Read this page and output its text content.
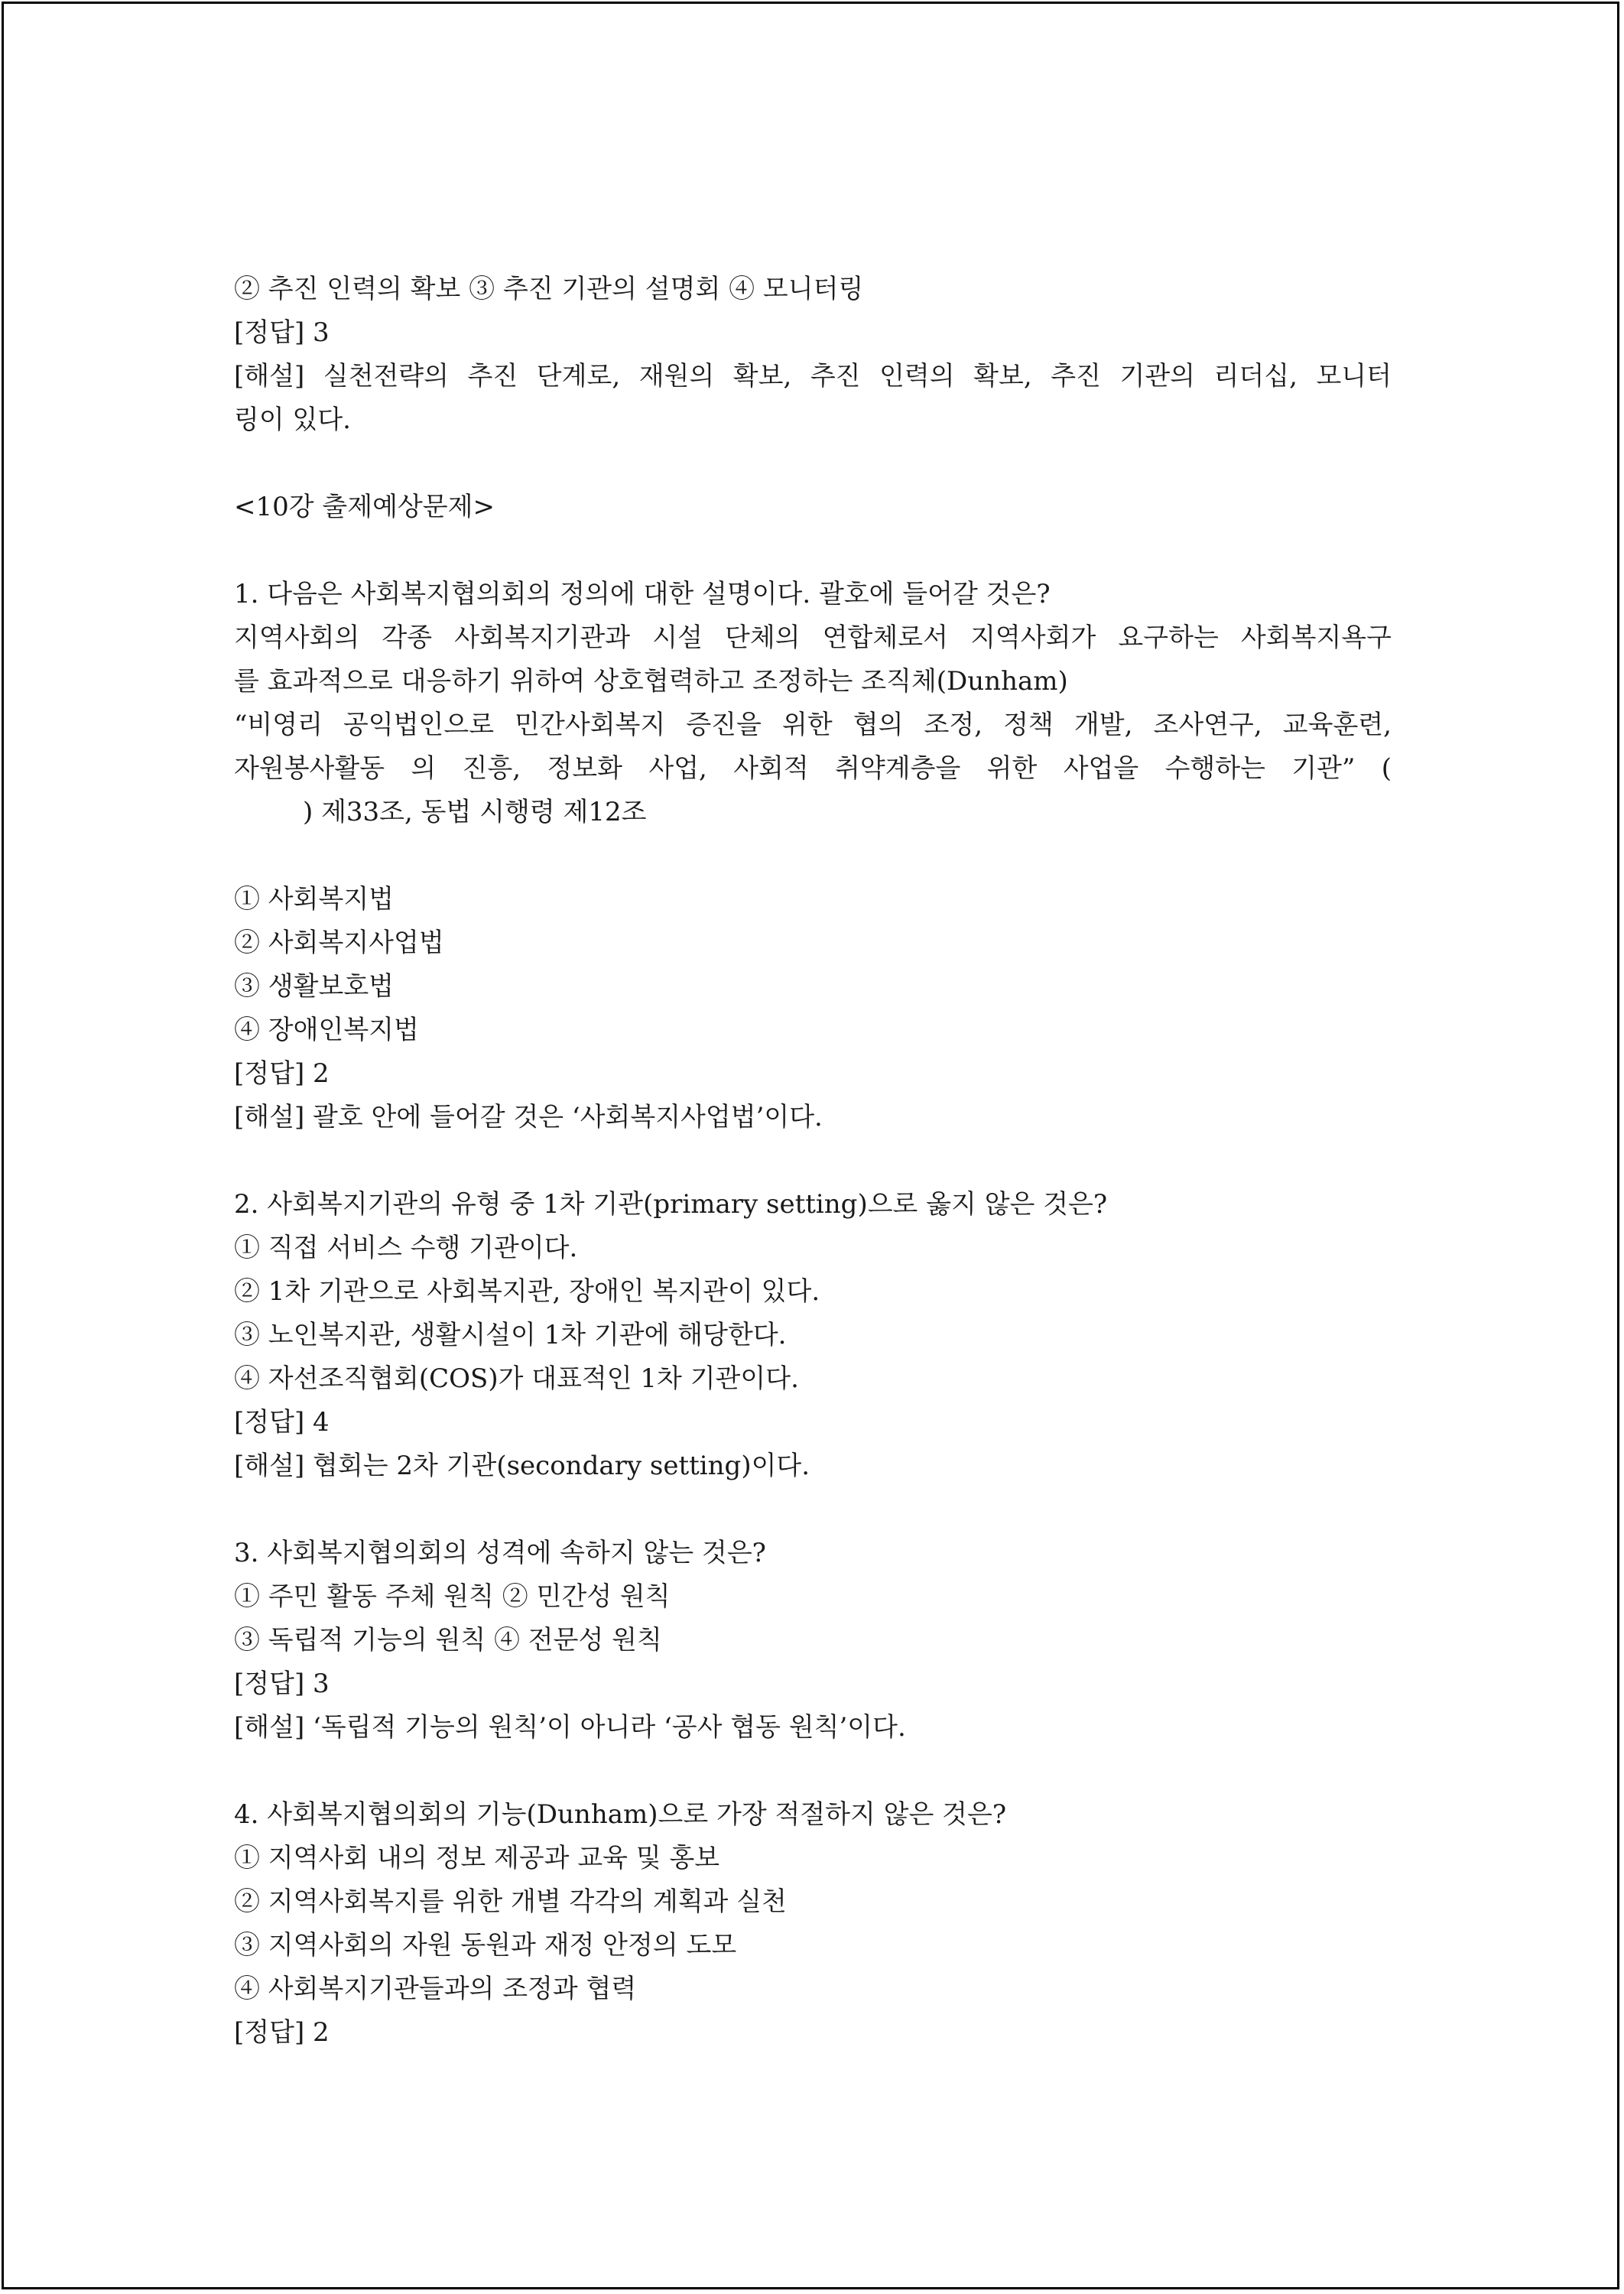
② 추진 인력의 확보 ③ 추진 기관의 설명회 ④ 모니터링
[정답] 3
[해설] 실천전략의 추진 단계로, 재원의 확보, 추진 인력의 확보, 추진 기관의 리더십, 모니터
링이 있다.
<10강 출제예상문제>
1. 다음은 사회복지협의회의 정의에 대한 설명이다. 괄호에 들어갈 것은?
지역사회의 각종 사회복지기관과 시설 단체의 연합체로서 지역사회가 요구하는 사회복지욕구
를 효과적으로 대응하기 위하여 상호협력하고 조정하는 조직체(Dunham)
“비영리 공익법인으로 민간사회복지 증진을 위한 협의 조정, 정책 개발, 조사연구, 교육훈련,
자원봉사활동 의 진흥, 정보화 사업, 사회적 취약계층을 위한 사업을 수행하는 기관” (
) 제33조, 동법 시행령 제12조
① 사회복지법
② 사회복지사업법
③ 생활보호법
④ 장애인복지법
[정답] 2
[해설] 괄호 안에 들어갈 것은 ‘사회복지사업법’이다.
2. 사회복지기관의 유형 중 1차 기관(primary setting)으로 옳지 않은 것은?
① 직접 서비스 수행 기관이다.
② 1차 기관으로 사회복지관, 장애인 복지관이 있다.
③ 노인복지관, 생활시설이 1차 기관에 해당한다.
④ 자선조직협회(COS)가 대표적인 1차 기관이다.
[정답] 4
[해설] 협회는 2차 기관(secondary setting)이다.
3. 사회복지협의회의 성격에 속하지 않는 것은?
① 주민 활동 주체 원칙 ② 민간성 원칙
③ 독립적 기능의 원칙 ④ 전문성 원칙
[정답] 3
[해설] ‘독립적 기능의 원칙’이 아니라 ‘공사 협동 원칙’이다.
4. 사회복지협의회의 기능(Dunham)으로 가장 적절하지 않은 것은?
① 지역사회 내의 정보 제공과 교육 및 홍보
② 지역사회복지를 위한 개별 각각의 계획과 실천
③ 지역사회의 자원 동원과 재정 안정의 도모
④ 사회복지기관들과의 조정과 협력
[정답] 2
